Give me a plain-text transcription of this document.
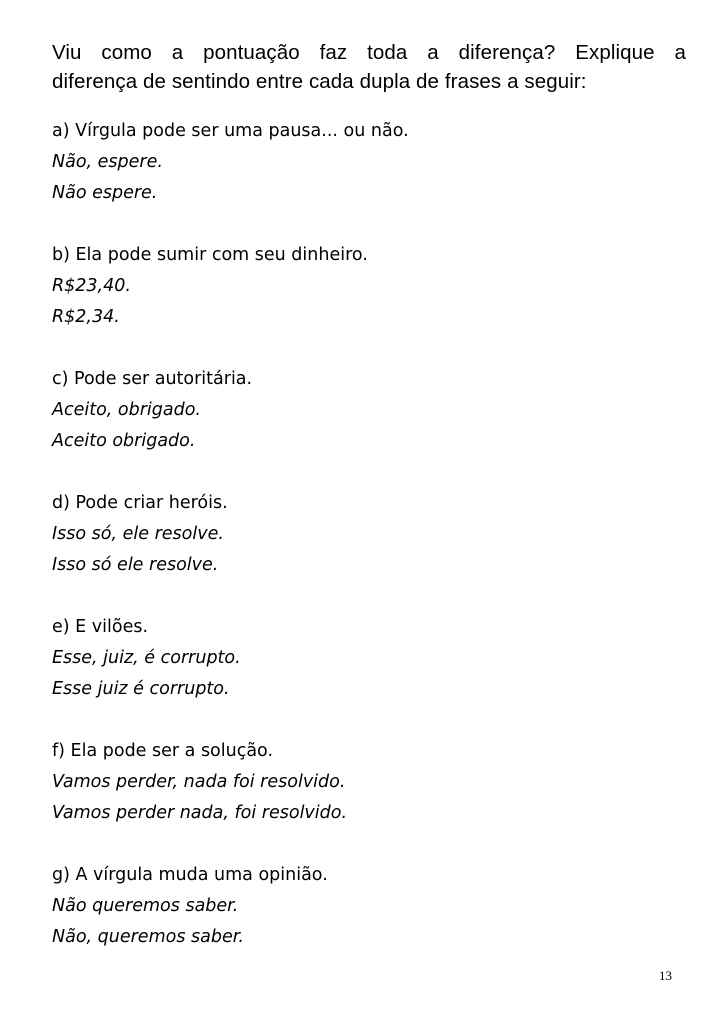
Viu como a pontuação faz toda a diferença? Explique a
diferença de sentindo entre cada dupla de frases a seguir:
a) Vírgula pode ser uma pausa... ou não.
Não, espere.
Não espere.
b) Ela pode sumir com seu dinheiro.
R$23,40.
R$2,34.
c) Pode ser autoritária.
Aceito, obrigado.
Aceito obrigado.
d) Pode criar heróis.
Isso só, ele resolve.
Isso só ele resolve.
e) E vilões.
Esse, juiz, é corrupto.
Esse juiz é corrupto.
f) Ela pode ser a solução.
Vamos perder, nada foi resolvido.
Vamos perder nada, foi resolvido.
g) A vírgula muda uma opinião.
Não queremos saber.
Não, queremos saber.
13
